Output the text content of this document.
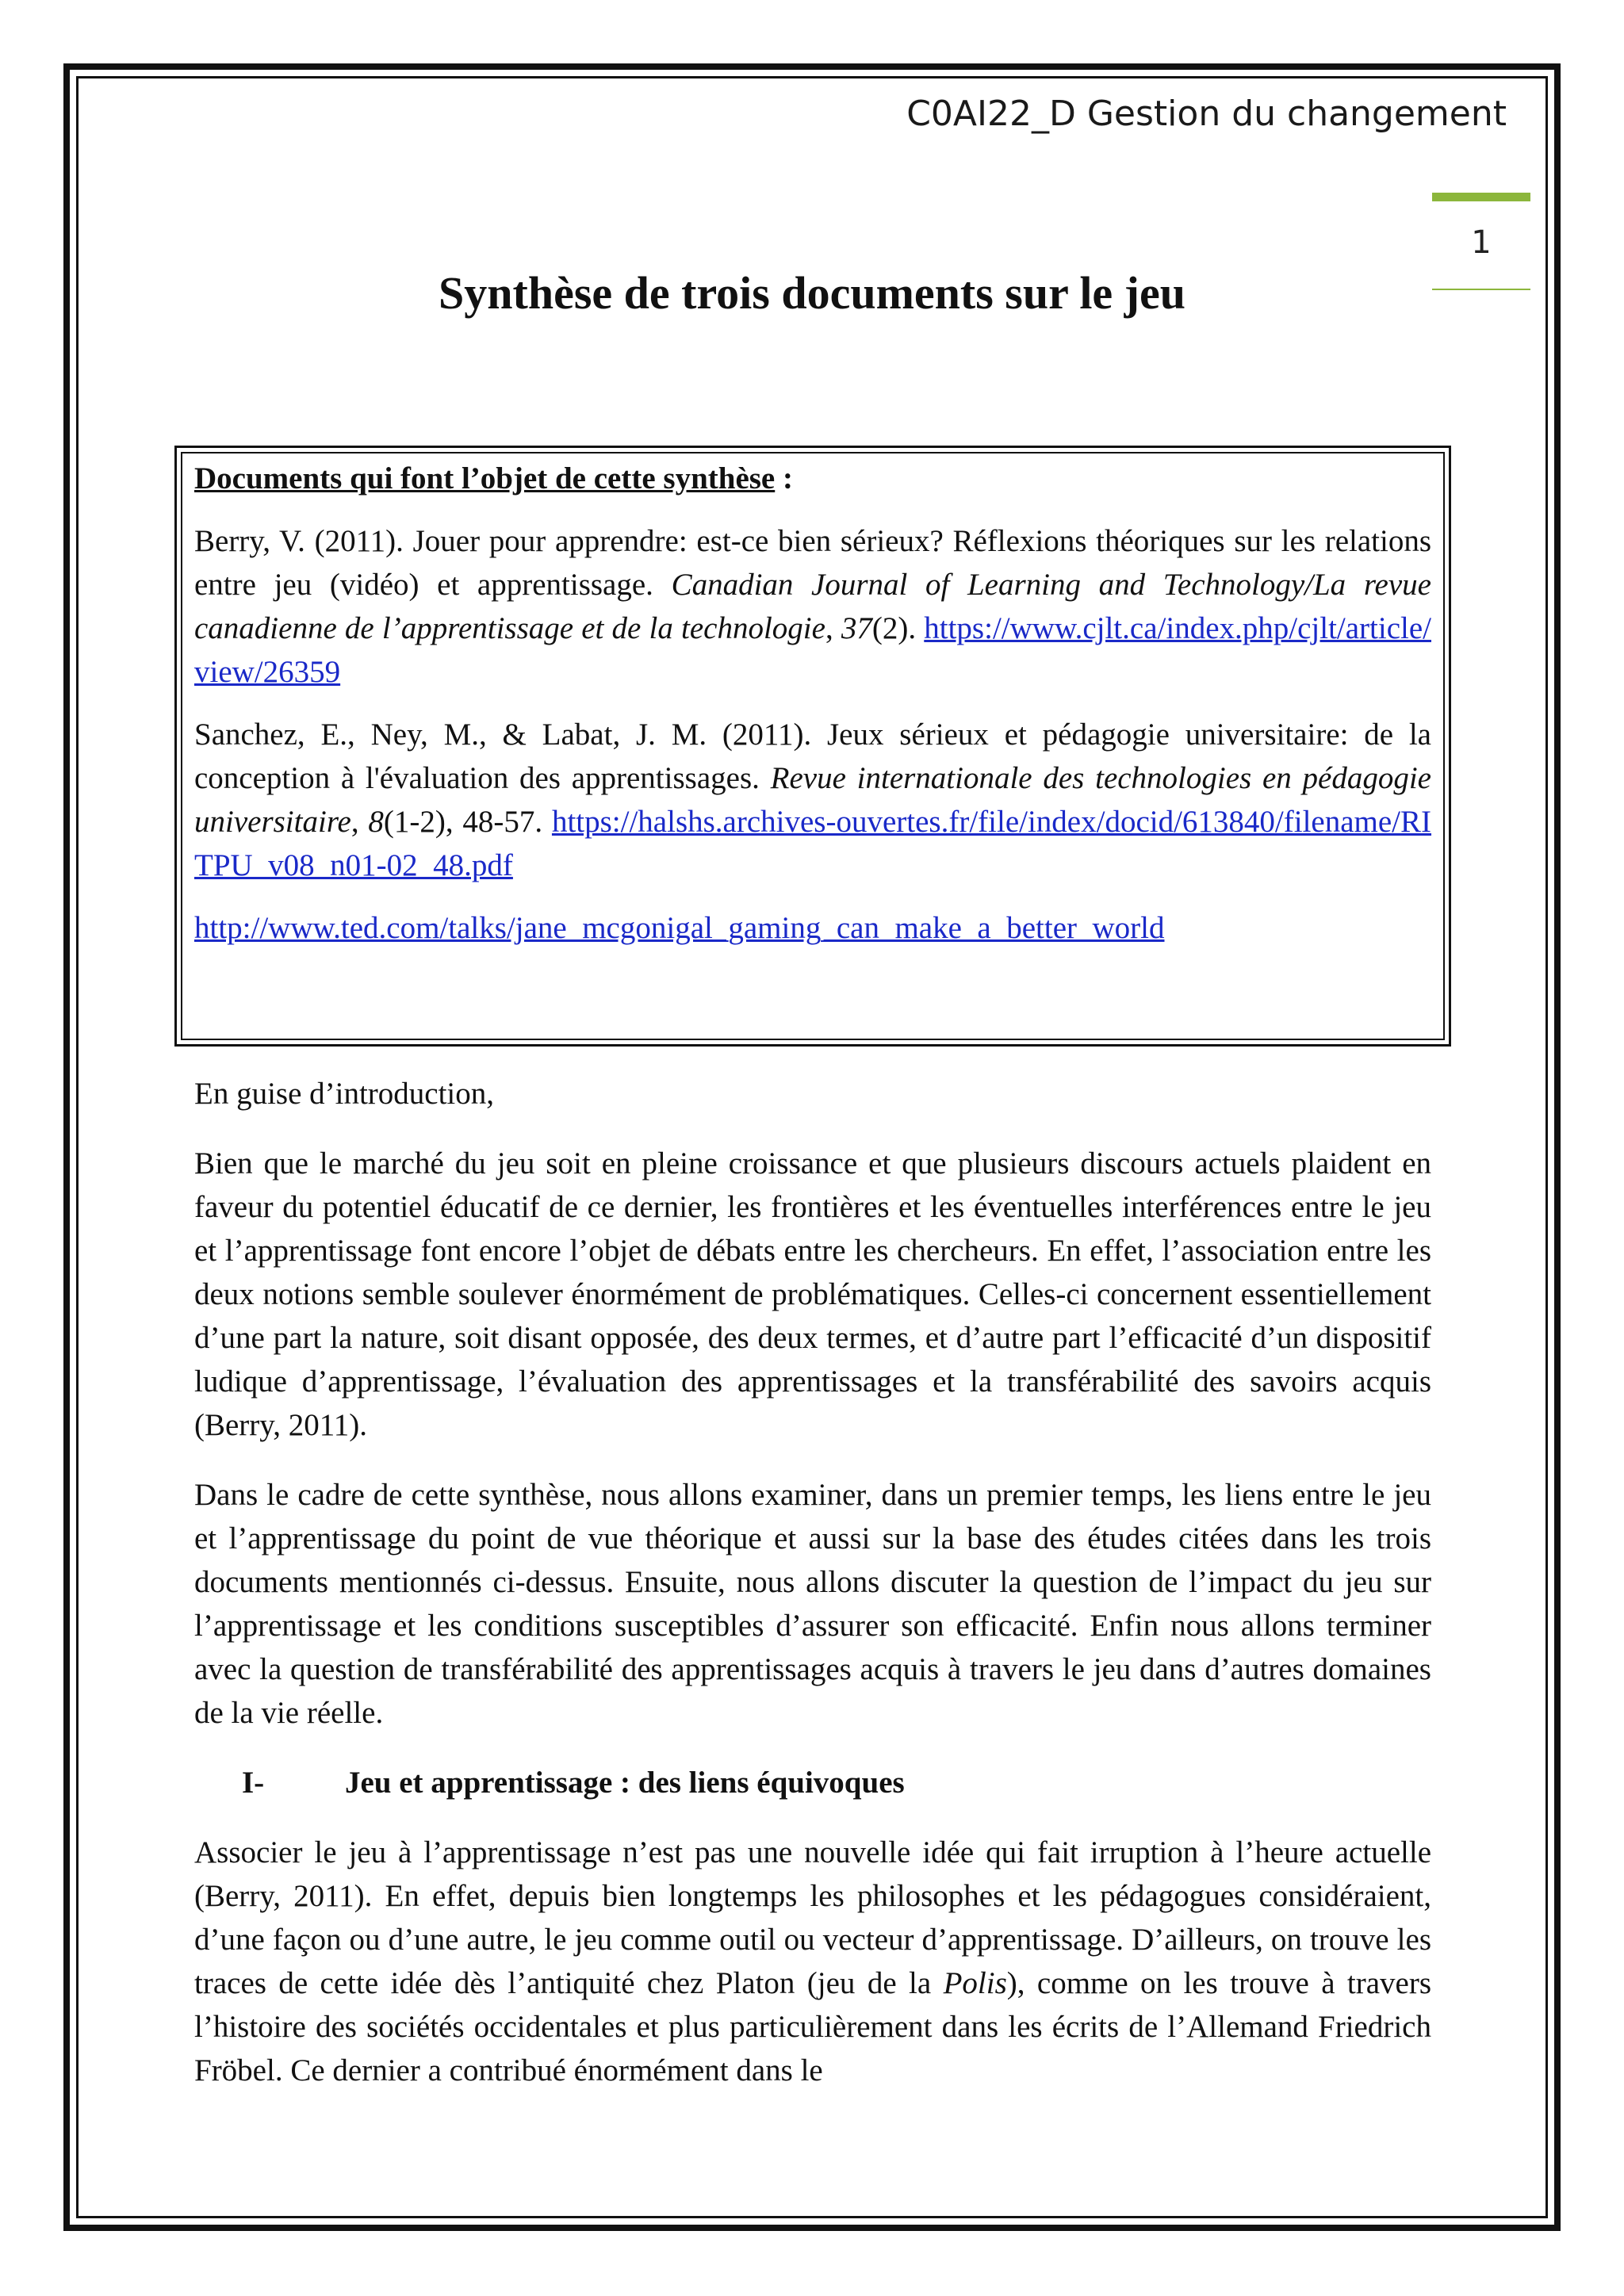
C0AI22_D Gestion du changement
1
Synthèse de trois documents sur le jeu

Documents qui font l’objet de cette synthèse :

Berry, V. (2011). Jouer pour apprendre: est-ce bien sérieux? Réflexions théoriques sur les relations entre jeu (vidéo) et apprentissage. Canadian Journal of Learning and Technology/La revue canadienne de l’apprentissage et de la technologie, 37(2). https://www.cjlt.ca/index.php/cjlt/article/view/26359

Sanchez, E., Ney, M., & Labat, J. M. (2011). Jeux sérieux et pédagogie universitaire: de la conception à l'évaluation des apprentissages. Revue internationale des technologies en pédagogie universitaire, 8(1-2), 48-57. https://halshs.archives-ouvertes.fr/file/index/docid/613840/filename/RITPU_v08_n01-02_48.pdf

http://www.ted.com/talks/jane_mcgonigal_gaming_can_make_a_better_world

En guise d’introduction,

Bien que le marché du jeu soit en pleine croissance et que plusieurs discours actuels plaident en faveur du potentiel éducatif de ce dernier, les frontières et les éventuelles interférences entre le jeu et l’apprentissage font encore l’objet de débats entre les chercheurs. En effet, l’association entre les deux notions semble soulever énormément de problématiques. Celles-ci concernent essentiellement d’une part la nature, soit disant opposée, des deux termes, et d’autre part l’efficacité d’un dispositif ludique d’apprentissage, l’évaluation des apprentissages et la transférabilité des savoirs acquis (Berry, 2011).

Dans le cadre de cette synthèse, nous allons examiner, dans un premier temps, les liens entre le jeu et l’apprentissage du point de vue théorique et aussi sur la base des études citées dans les trois documents mentionnés ci-dessus. Ensuite, nous allons discuter la question de l’impact du jeu sur l’apprentissage et les conditions susceptibles d’assurer son efficacité. Enfin nous allons terminer avec la question de transférabilité des apprentissages acquis à travers le jeu dans d’autres domaines de la vie réelle.

I-	Jeu et apprentissage : des liens équivoques

Associer le jeu à l’apprentissage n’est pas une nouvelle idée qui fait irruption à l’heure actuelle (Berry, 2011). En effet, depuis bien longtemps les philosophes et les pédagogues considéraient, d’une façon ou d’une autre, le jeu comme outil ou vecteur d’apprentissage. D’ailleurs, on trouve les traces de cette idée dès l’antiquité chez Platon (jeu de la Polis), comme on les trouve à travers l’histoire des sociétés occidentales et plus particulièrement dans les écrits de l’Allemand Friedrich Fröbel. Ce dernier a contribué énormément dans le
